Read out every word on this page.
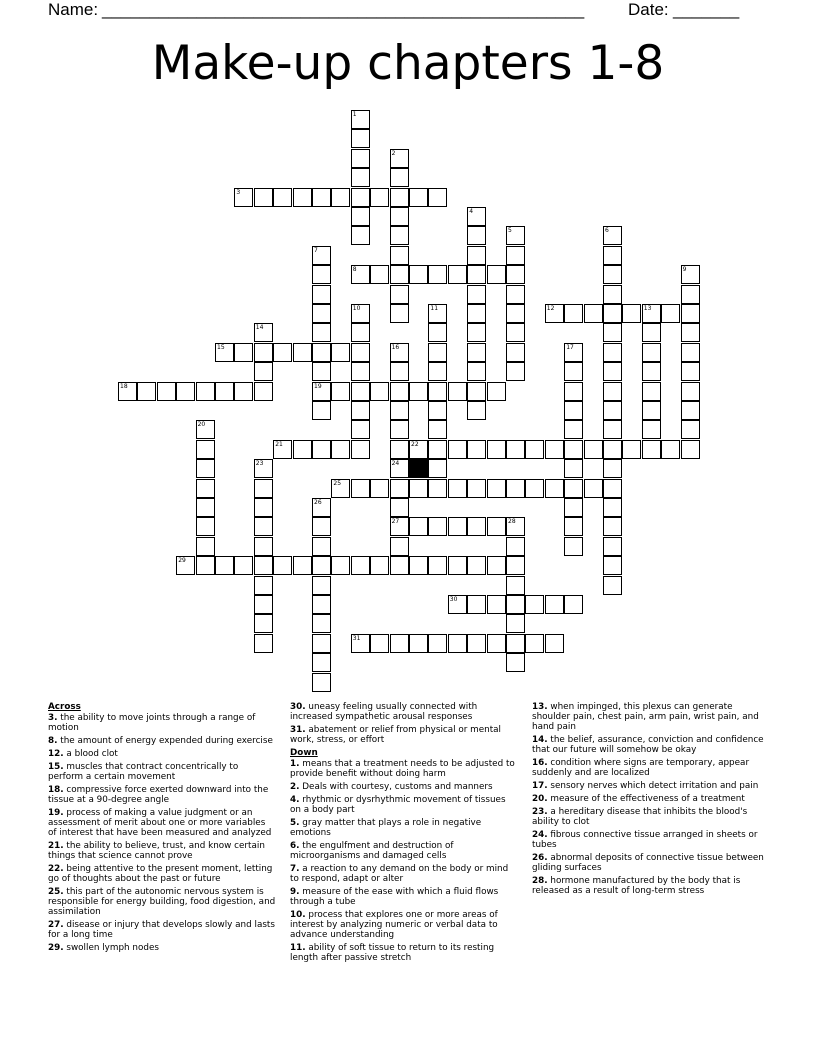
Name: ___________________________________________________	Date: _______
Make-up chapters 1-8
1
2
3
4
5	6
7
8	9
10	11	12	13
14
15	16	17
18	19
20
21	22
23	24
25
26
27	28
29
30
31
Across
3. the ability to move joints through a range of motion
8. the amount of energy expended during exercise
12. a blood clot
15. muscles that contract concentrically to perform a certain movement
18. compressive force exerted downward into the tissue at a 90-degree angle
19. process of making a value judgment or an assessment of merit about one or more variables of interest that have been measured and analyzed
21. the ability to believe, trust, and know certain things that science cannot prove
22. being attentive to the present moment, letting go of thoughts about the past or future
25. this part of the autonomic nervous system is responsible for energy building, food digestion, and assimilation
27. disease or injury that develops slowly and lasts for a long time
29. swollen lymph nodes
30. uneasy feeling usually connected with increased sympathetic arousal responses
31. abatement or relief from physical or mental work, stress, or effort
Down
1. means that a treatment needs to be adjusted to provide benefit without doing harm
2. Deals with courtesy, customs and manners
4. rhythmic or dysrhythmic movement of tissues on a body part
5. gray matter that plays a role in negative emotions
6. the engulfment and destruction of microorganisms and damaged cells
7. a reaction to any demand on the body or mind to respond, adapt or alter
9. measure of the ease with which a fluid flows through a tube
10. process that explores one or more areas of interest by analyzing numeric or verbal data to advance understanding
11. ability of soft tissue to return to its resting length after passive stretch
13. when impinged, this plexus can generate shoulder pain, chest pain, arm pain, wrist pain, and hand pain
14. the belief, assurance, conviction and confidence that our future will somehow be okay
16. condition where signs are temporary, appear suddenly and are localized
17. sensory nerves which detect irritation and pain
20. measure of the effectiveness of a treatment
23. a hereditary disease that inhibits the blood's ability to clot
24. fibrous connective tissue arranged in sheets or tubes
26. abnormal deposits of connective tissue between gliding surfaces
28. hormone manufactured by the body that is released as a result of long-term stress
